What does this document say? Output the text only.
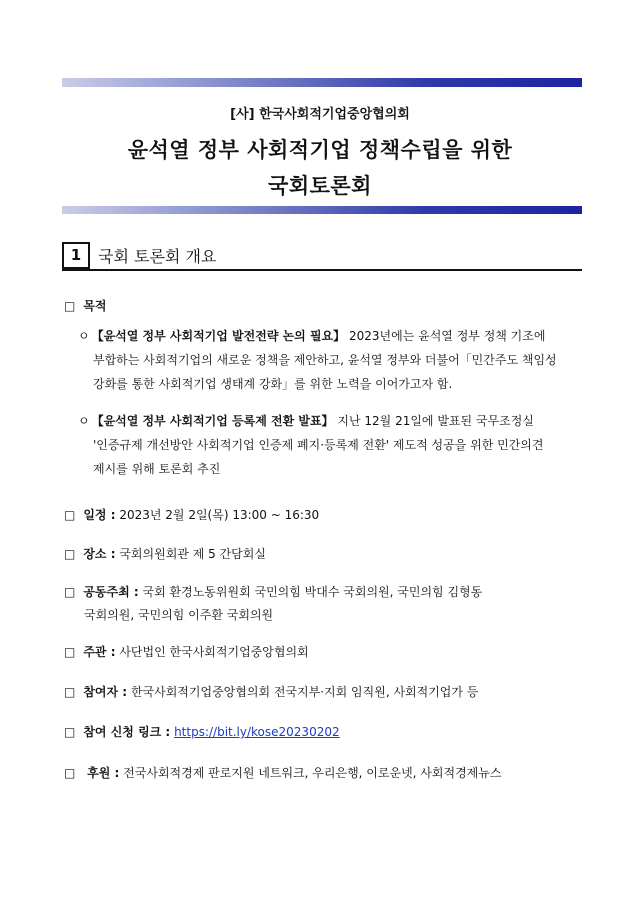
[사] 한국사회적기업중앙협의회
윤석열 정부 사회적기업 정책수립을 위한
국회토론회
1	국회 토론회 개요
□ 목적
ㅇ 【윤석열 정부 사회적기업 발전전략 논의 필요】 2023년에는 윤석열 정부 정책 기조에
부합하는 사회적기업의 새로운 정책을 제안하고, 윤석열 정부와 더불어「민간주도 책임성
강화를 통한 사회적기업 생태계 강화」를 위한 노력을 이어가고자 함.
ㅇ 【윤석열 정부 사회적기업 등록제 전환 발표】 지난 12월 21일에 발표된 국무조정실
'인증규제 개선방안 사회적기업 인증제 폐지·등록제 전환' 제도적 성공을 위한 민간의견
제시를 위해 토론회 추진
□ 일정 : 2023년 2월 2일(목) 13:00 ~ 16:30
□ 장소 : 국회의원회관 제 5 간담회실
□ 공동주최 : 국회 환경노동위원회 국민의힘 박대수 국회의원, 국민의힘 김형동
국회의원, 국민의힘 이주환 국회의원
□ 주관 : 사단법인 한국사회적기업중앙협의회
□ 참여자 : 한국사회적기업중앙협의회 전국지부·지회 임직원, 사회적기업가 등
□ 참여 신청 링크 : https://bit.ly/kose20230202
□ 후원 : 전국사회적경제 판로지원 네트워크, 우리은행, 이로운넷, 사회적경제뉴스
